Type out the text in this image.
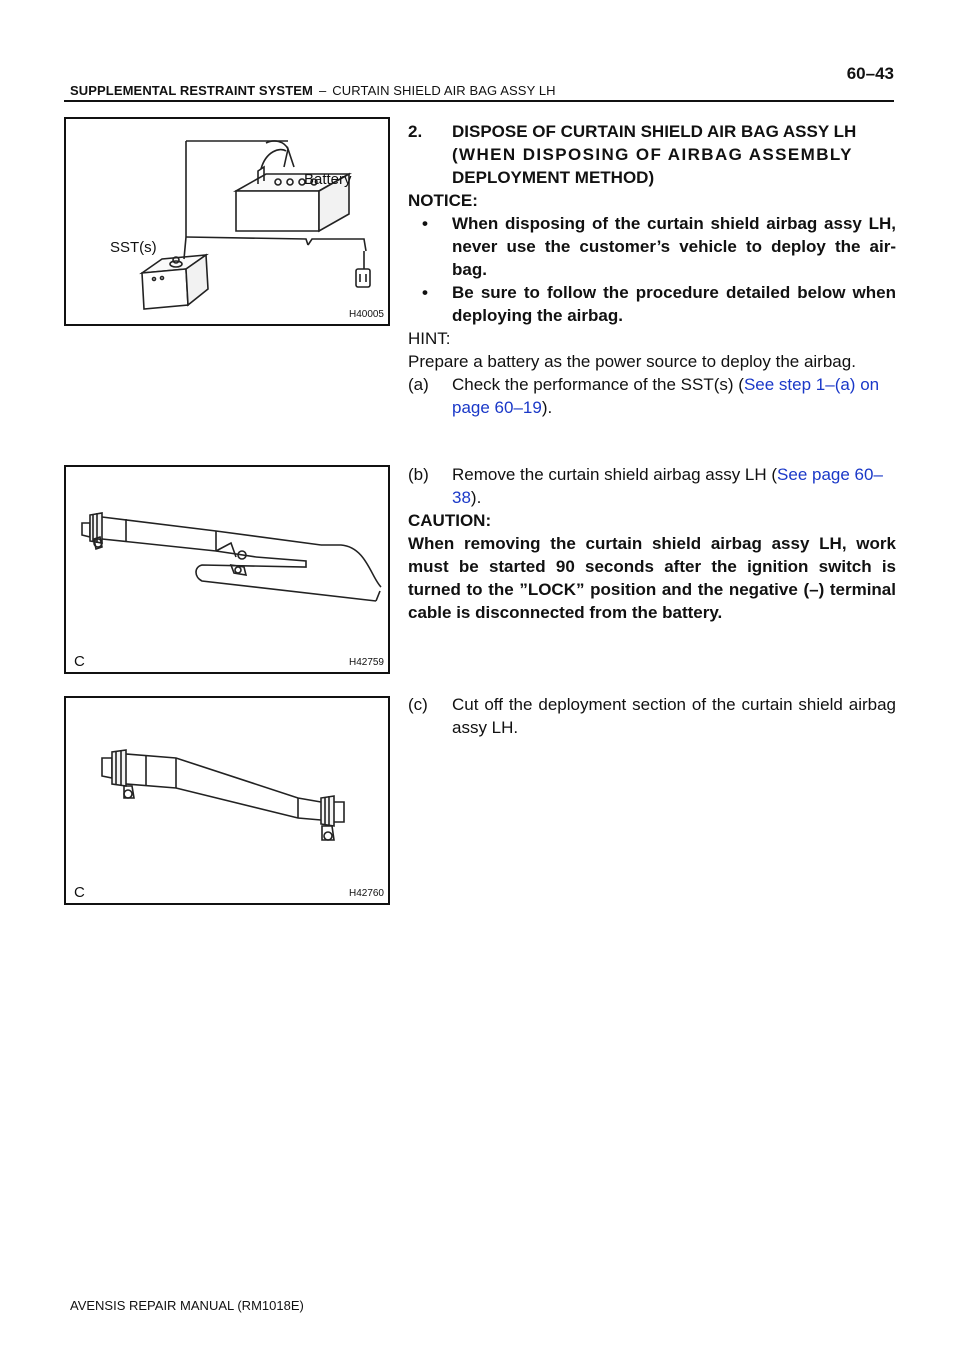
SUPPLEMENTAL RESTRAINT SYSTEM – CURTAIN SHIELD AIR BAG ASSY LH
60–43
Battery
SST(s)
H40005
C	H42759
C	H42760
2.	DISPOSE OF CURTAIN SHIELD AIR BAG ASSY LH
(WHEN DISPOSING OF AIRBAG ASSEMBLY
DEPLOYMENT METHOD)
NOTICE:
•	When disposing of the curtain shield airbag assy LH, never use the customer’s vehicle to deploy the air- bag.
•	Be sure to follow the procedure detailed below when deploying the airbag.
HINT:
Prepare a battery as the power source to deploy the airbag.
(a)	Check the performance of the SST(s) (See step 1–(a) on page 60–19).
(b)	Remove the curtain shield airbag assy LH (See page 60–38).
CAUTION:
When removing the curtain shield airbag assy LH, work must be started 90 seconds after the ignition switch is turned to the ”LOCK” position and the negative (–) terminal cable is disconnected from the battery.
(c)	Cut off the deployment section of the curtain shield airbag assy LH.
AVENSIS REPAIR MANUAL (RM1018E)
